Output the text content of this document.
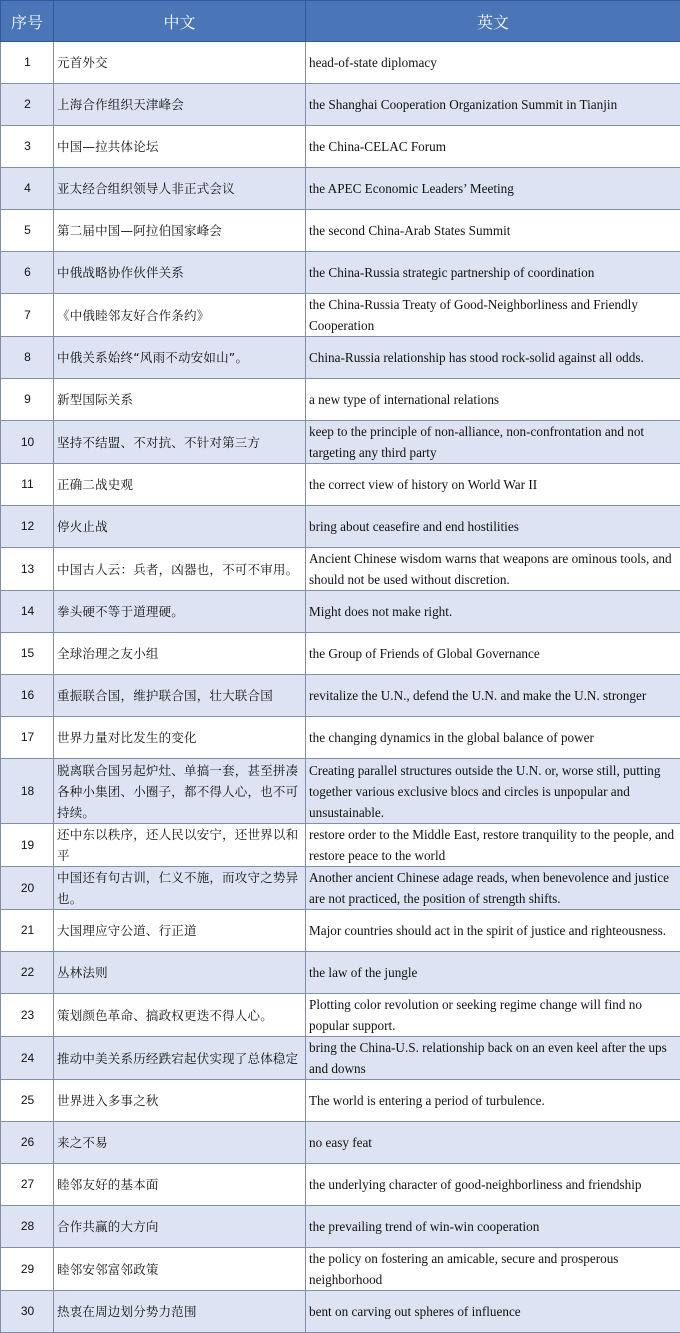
序号	中文	英文
1	元首外交	head-of-state diplomacy
2	上海合作组织天津峰会	the Shanghai Cooperation Organization Summit in Tianjin
3	中国—拉共体论坛	the China-CELAC Forum
4	亚太经合组织领导人非正式会议	the APEC Economic Leaders’ Meeting
5	第二届中国—阿拉伯国家峰会	the second China-Arab States Summit
6	中俄战略协作伙伴关系	the China-Russia strategic partnership of coordination
7	《中俄睦邻友好合作条约》	the China-Russia Treaty of Good-Neighborliness and Friendly Cooperation
8	中俄关系始终“风雨不动安如山”。	China-Russia relationship has stood rock-solid against all odds.
9	新型国际关系	a new type of international relations
10	坚持不结盟、不对抗、不针对第三方	keep to the principle of non-alliance, non-confrontation and not targeting any third party
11	正确二战史观	the correct view of history on World War II
12	停火止战	bring about ceasefire and end hostilities
13	中国古人云：兵者，凶器也，不可不审用。	Ancient Chinese wisdom warns that weapons are ominous tools, and should not be used without discretion.
14	拳头硬不等于道理硬。	Might does not make right.
15	全球治理之友小组	the Group of Friends of Global Governance
16	重振联合国，维护联合国，壮大联合国	revitalize the U.N., defend the U.N. and make the U.N. stronger
17	世界力量对比发生的变化	the changing dynamics in the global balance of power
18	脱离联合国另起炉灶、单搞一套，甚至拼凑各种小集团、小圈子，都不得人心，也不可持续。	Creating parallel structures outside the U.N. or, worse still, putting together various exclusive blocs and circles is unpopular and unsustainable.
19	还中东以秩序，还人民以安宁，还世界以和平	restore order to the Middle East, restore tranquility to the people, and restore peace to the world
20	中国还有句古训，仁义不施，而攻守之势异也。	Another ancient Chinese adage reads, when benevolence and justice are not practiced, the position of strength shifts.
21	大国理应守公道、行正道	Major countries should act in the spirit of justice and righteousness.
22	丛林法则	the law of the jungle
23	策划颜色革命、搞政权更迭不得人心。	Plotting color revolution or seeking regime change will find no popular support.
24	推动中美关系历经跌宕起伏实现了总体稳定	bring the China-U.S. relationship back on an even keel after the ups and downs
25	世界进入多事之秋	The world is entering a period of turbulence.
26	来之不易	no easy feat
27	睦邻友好的基本面	the underlying character of good-neighborliness and friendship
28	合作共赢的大方向	the prevailing trend of win-win cooperation
29	睦邻安邻富邻政策	the policy on fostering an amicable, secure and prosperous neighborhood
30	热衷在周边划分势力范围	bent on carving out spheres of influence
